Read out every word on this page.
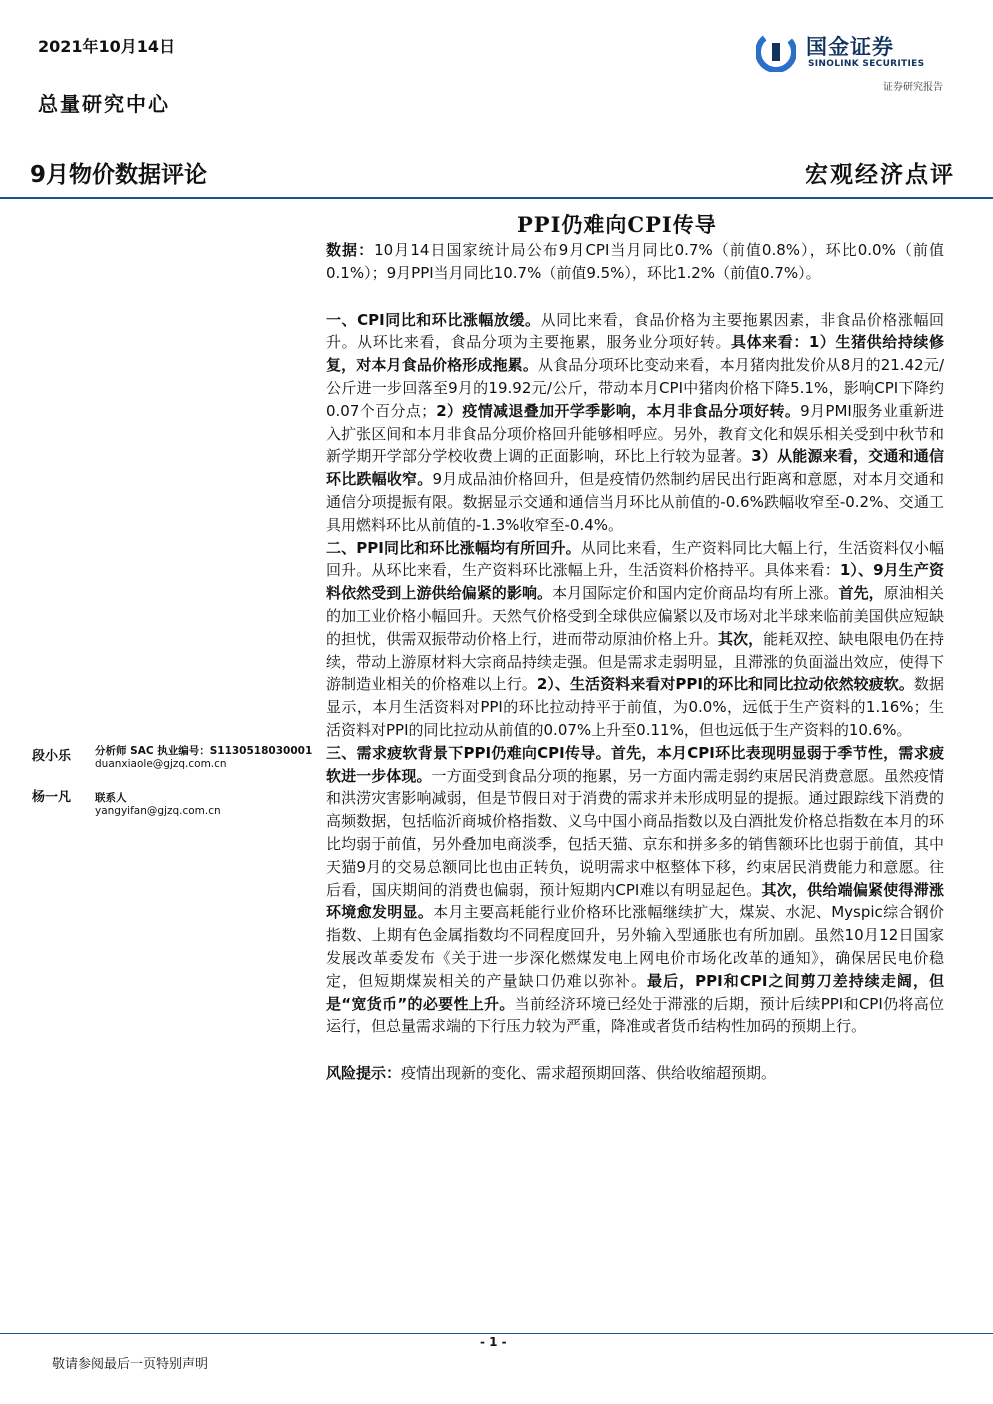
2021年10月14日
总量研究中心
国金证券
SINOLINK SECURITIES
证券研究报告
9月物价数据评论	宏观经济点评
PPI仍难向CPI传导

数据：10月14日国家统计局公布9月CPI当月同比0.7%（前值0.8%），环比0.0%（前值0.1%）；9月PPI当月同比10.7%（前值9.5%），环比1.2%（前值0.7%）。

一、CPI同比和环比涨幅放缓。从同比来看，食品价格为主要拖累因素，非食品价格涨幅回升。从环比来看，食品分项为主要拖累，服务业分项好转。具体来看：1）生猪供给持续修复，对本月食品价格形成拖累。从食品分项环比变动来看，本月猪肉批发价从8月的21.42元/公斤进一步回落至9月的19.92元/公斤，带动本月CPI中猪肉价格下降5.1%，影响CPI下降约0.07个百分点；2）疫情减退叠加开学季影响，本月非食品分项好转。9月PMI服务业重新进入扩张区间和本月非食品分项价格回升能够相呼应。另外，教育文化和娱乐相关受到中秋节和新学期开学部分学校收费上调的正面影响，环比上行较为显著。3）从能源来看，交通和通信环比跌幅收窄。9月成品油价格回升，但是疫情仍然制约居民出行距离和意愿，对本月交通和通信分项提振有限。数据显示交通和通信当月环比从前值的-0.6%跌幅收窄至-0.2%、交通工具用燃料环比从前值的-1.3%收窄至-0.4%。

二、PPI同比和环比涨幅均有所回升。从同比来看，生产资料同比大幅上行，生活资料仅小幅回升。从环比来看，生产资料环比涨幅上升，生活资料价格持平。具体来看：1）、9月生产资料依然受到上游供给偏紧的影响。本月国际定价和国内定价商品均有所上涨。首先，原油相关的加工业价格小幅回升。天然气价格受到全球供应偏紧以及市场对北半球来临前美国供应短缺的担忧，供需双振带动价格上行，进而带动原油价格上升。其次，能耗双控、缺电限电仍在持续，带动上游原材料大宗商品持续走强。但是需求走弱明显，且滞涨的负面溢出效应，使得下游制造业相关的价格难以上行。2）、生活资料来看对PPI的环比和同比拉动依然较疲软。数据显示，本月生活资料对PPI的环比拉动持平于前值，为0.0%，远低于生产资料的1.16%；生活资料对PPI的同比拉动从前值的0.07%上升至0.11%，但也远低于生产资料的10.6%。

三、需求疲软背景下PPI仍难向CPI传导。首先，本月CPI环比表现明显弱于季节性，需求疲软进一步体现。一方面受到食品分项的拖累，另一方面内需走弱约束居民消费意愿。虽然疫情和洪涝灾害影响减弱，但是节假日对于消费的需求并未形成明显的提振。通过跟踪线下消费的高频数据，包括临沂商城价格指数、义乌中国小商品指数以及白酒批发价格总指数在本月的环比均弱于前值，另外叠加电商淡季，包括天猫、京东和拼多多的销售额环比也弱于前值，其中天猫9月的交易总额同比也由正转负，说明需求中枢整体下移，约束居民消费能力和意愿。往后看，国庆期间的消费也偏弱，预计短期内CPI难以有明显起色。其次，供给端偏紧使得滞涨环境愈发明显。本月主要高耗能行业价格环比涨幅继续扩大，煤炭、水泥、Myspic综合钢价指数、上期有色金属指数均不同程度回升，另外输入型通胀也有所加剧。虽然10月12日国家发展改革委发布《关于进一步深化燃煤发电上网电价市场化改革的通知》，确保居民电价稳定，但短期煤炭相关的产量缺口仍难以弥补。最后，PPI和CPI之间剪刀差持续走阔，但是“宽货币”的必要性上升。当前经济环境已经处于滞涨的后期，预计后续PPI和CPI仍将高位运行，但总量需求端的下行压力较为严重，降准或者货币结构性加码的预期上行。

风险提示：疫情出现新的变化、需求超预期回落、供给收缩超预期。

段小乐	分析师 SAC 执业编号：S1130518030001
duanxiaole@gjzq.com.cn
杨一凡	联系人
yangyifan@gjzq.com.cn
- 1 -
敬请参阅最后一页特别声明
